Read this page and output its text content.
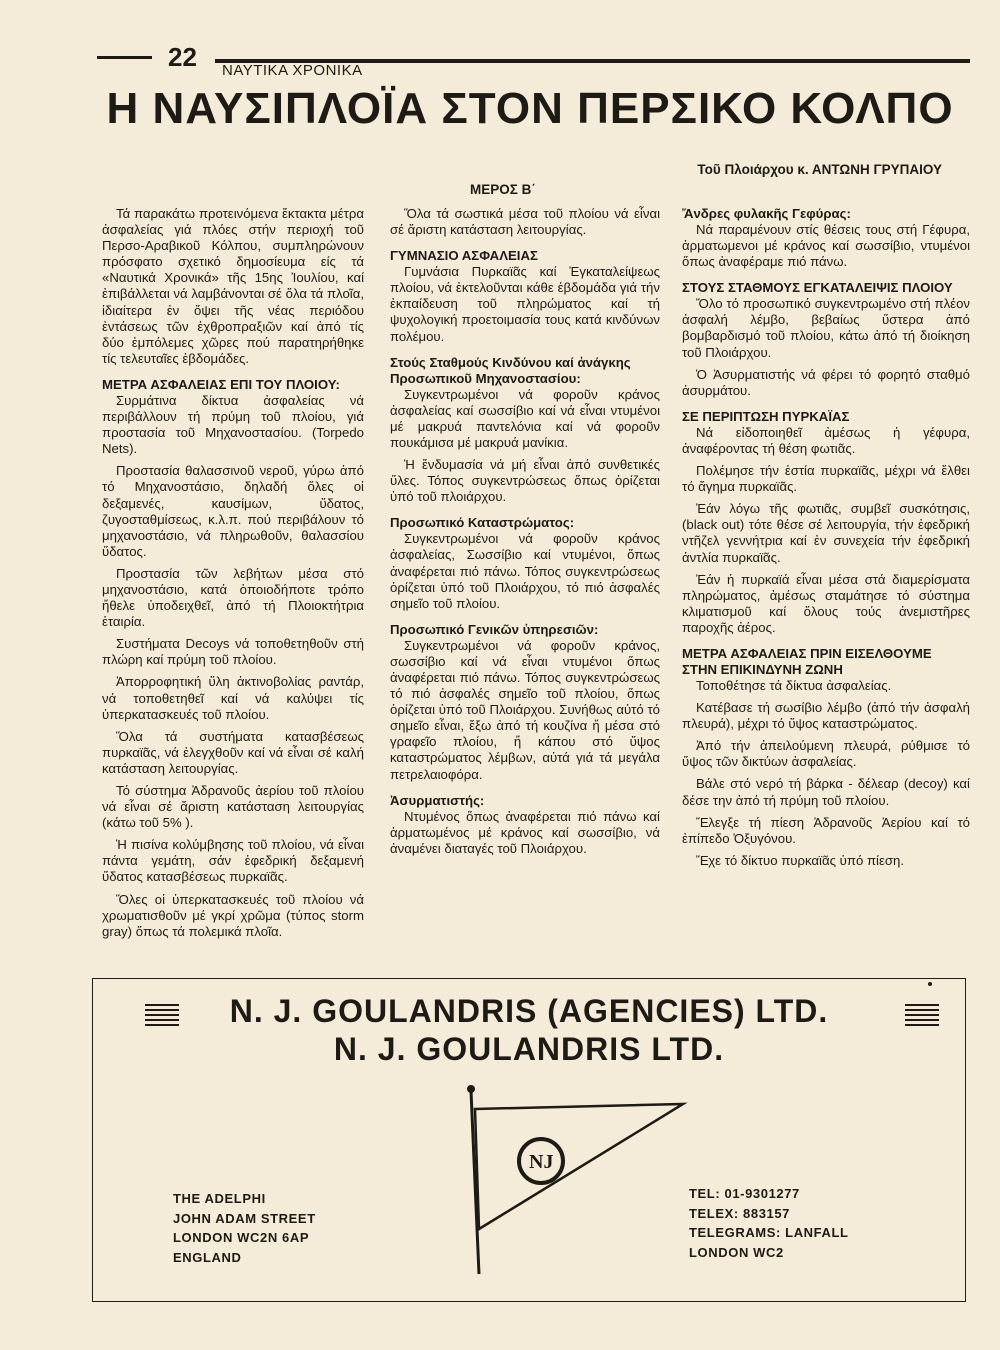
22 ΝΑΥΤΙΚΑ ΧΡΟΝΙΚΑ
Η ΝΑΥΣΙΠΛΟΪΑ ΣΤΟΝ ΠΕΡΣΙΚΟ ΚΟΛΠΟ
Τοῦ Πλοιάρχου κ. ΑΝΤΩΝΗ ΓΡΥΠΑΙΟΥ
ΜΕΡΟΣ Β΄

Τά παρακάτω προτεινόμενα ἔκτακτα μέτρα ἀσφαλείας γιά πλόες στήν περιοχή τοῦ Περσο-Αραβικοῦ Κόλπου, συμπληρώνουν πρόσφατο σχετικό δημοσίευμα είς τά «Ναυτικά Χρονικά» τῆς 15ης Ἰουλίου, καί ἐπιβάλλεται νά λαμβάνονται σέ ὅλα τά πλοῖα, ἰδιαίτερα ἐν ὄψει τῆς νέας περιόδου ἐντάσεως τῶν ἐχθροπραξιῶν καί ἀπό τίς δύο ἐμπόλεμες χῶρες πού παρατηρήθηκε τίς τελευταῖες ἑβδομάδες.

ΜΕΤΡΑ ΑΣΦΑΛΕΙΑΣ ΕΠΙ ΤΟΥ ΠΛΟΙΟΥ:

Συρμάτινα δίκτυα ἀσφαλείας νά περιβάλλουν τή πρύμη τοῦ πλοίου, γιά προστασία τοῦ Μηχανοστασίου. (Torpedo Nets).

Προστασία θαλασσινοῦ νεροῦ, γύρω ἀπό τό Μηχανοστάσιο, δηλαδή ὅλες οἱ δεξαμενές, καυσίμων, ὕδατος, ζυγοσταθμίσεως, κ.λ.π. πού περιβάλουν τό μηχανοστάσιο, νά πληρωθοῦν, θαλασσίου ὕδατος.

Προστασία τῶν λεβήτων μέσα στό μηχανοστάσιο, κατά ὁποιοδήποτε τρόπο ἤθελε ὑποδειχθεῖ, ἀπό τή Πλοιοκτήτρια ἑταιρία.

Συστήματα Decoys νά τοποθετηθοῦν στή πλώρη καί πρύμη τοῦ πλοίου.

Ἀπορροφητική ὕλη ἀκτινοβολίας ραντάρ, νά τοποθετηθεῖ καί νά καλύψει τίς ὑπερκατασκευές τοῦ πλοίου.

Ὅλα τά συστήματα κατασβέσεως πυρκαϊᾶς, νά ἐλεγχθοῦν καί νά εἶναι σέ καλή κατάσταση λειτουργίας.

Τό σύστημα Ἀδρανοῦς ἀερίου τοῦ πλοίου νά εἶναι σέ ἄριστη κατάσταση λειτουργίας (κάτω τοῦ 5% ).

Ἡ πισίνα κολύμβησης τοῦ πλοίου, νά εἶναι πάντα γεμάτη, σάν ἐφεδρική δεξαμενή ὕδατος κατασβέσεως πυρκαϊᾶς.

Ὅλες οἱ ὑπερκατασκευές τοῦ πλοίου νά χρωματισθοῦν μέ γκρί χρῶμα (τύπος storm gray) ὅπως τά πολεμικά πλοῖα.

Ὅλα τά σωστικά μέσα τοῦ πλοίου νά εἶναι σέ ἄριστη κατάσταση λειτουργίας.

ΓΥΜΝΑΣΙΟ ΑΣΦΑΛΕΙΑΣ

Γυμνάσια Πυρκαϊᾶς καί Ἐγκαταλείψεως πλοίου, νά ἐκτελοῦνται κάθε ἑβδομάδα γιά τήν ἐκπαίδευση τοῦ πληρώματος καί τή ψυχολογική προετοιμασία τους κατά κινδύνων πολέμου.

Στούς Σταθμούς Κινδύνου καί ἀνάγκης Προσωπικοῦ Μηχανοστασίου:

Συγκεντρωμένοι νά φοροῦν κράνος ἀσφαλείας καί σωσσίβιο καί νά εἶναι ντυμένοι μέ μακρυά παντελόνια καί νά φοροῦν πουκάμισα μέ μακρυά μανίκια.

Ἡ ἔνδυμασία νά μή εἶναι ἀπό συνθετικές ὕλες. Τόπος συγκεντρώσεως ὅπως ὁρίζεται ὑπό τοῦ πλοιάρχου.

Προσωπικό Καταστρώματος:

Συγκεντρωμένοι νά φοροῦν κράνος ἀσφαλείας, Σωσσίβιο καί ντυμένοι, ὅπως ἀναφέρεται πιό πάνω. Τόπος συγκεντρώσεως ὁρίζεται ὑπό τοῦ Πλοιάρχου, τό πιό ἀσφαλές σημεῖο τοῦ πλοίου.

Προσωπικό Γενικῶν ὑπηρεσιῶν:

Συγκεντρωμένοι νά φοροῦν κράνος, σωσσίβιο καί νά εἶναι ντυμένοι ὅπως ἀναφέρεται πιό πάνω. Τόπος συγκεντρώσεως τό πιό ἀσφαλές σημεῖο τοῦ πλοίου, ὅπως ὁρίζεται ὑπό τοῦ Πλοιάρχου. Συνήθως αὐτό τό σημεῖο εἶναι, ἔξω ἀπό τή κουζίνα ἤ μέσα στό γραφεῖο πλοίου, ἤ κάπου στό ὕψος καταστρώματος λέμβων, αὐτά γιά τά μεγάλα πετρελαιοφόρα.

Ἀσυρματιστής:

Ντυμένος ὅπως ἀναφέρεται πιό πάνω καί ἁρματωμένος μέ κράνος καί σωσσίβιο, νά ἀναμένει διαταγές τοῦ Πλοιάρχου.

Ἄνδρες φυλακῆς Γεφύρας:

Νά παραμένουν στίς θέσεις τους στή Γέφυρα, ἁρματωμενοι μέ κράνος καί σωσσίβιο, ντυμένοι ὅπως ἀναφέραμε πιό πάνω.

ΣΤΟΥΣ ΣΤΑΘΜΟΥΣ ΕΓΚΑΤΑΛΕΙΨΙΣ ΠΛΟΙΟΥ

Ὅλο τό προσωπικό συγκεντρωμένο στή πλέον ἀσφαλή λέμβο, βεβαίως ὕστερα ἀπό βομβαρδισμό τοῦ πλοίου, κάτω ἀπό τή διοίκηση τοῦ Πλοιάρχου.

Ὁ Ἀσυρματιστής νά φέρει τό φορητό σταθμό ἀσυρμάτου.

ΣΕ ΠΕΡΙΠΤΩΣΗ ΠΥΡΚΑΪΑΣ

Νά εἰδοποιηθεῖ ἀμέσως ἡ γέφυρα, ἀναφέροντας τή θέση φωτιᾶς.

Πολέμησε τήν ἑστία πυρκαϊᾶς, μέχρι νά ἔλθει τό ἄγημα πυρκαϊᾶς.

Ἐάν λόγω τῆς φωτιᾶς, συμβεῖ συσκότησις, (black out) τότε θέσε σέ λειτουργία, τήν ἐφεδρική ντῆζελ γεννήτρια καί ἐν συνεχεία τήν ἐφεδρική ἀντλία πυρκαϊᾶς.

Ἐάν ἡ πυρκαϊά εἶναι μέσα στά διαμερίσματα πληρώματος, ἀμέσως σταμάτησε τό σύστημα κλιματισμοῦ καί ὅλους τούς ἀνεμιστῆρες παροχῆς ἀέρος.

ΜΕΤΡΑ ΑΣΦΑΛΕΙΑΣ ΠΡΙΝ ΕΙΣΕΛΘΟΥΜΕ ΣΤΗΝ ΕΠΙΚΙΝΔΥΝΗ ΖΩΝΗ

Τοποθέτησε τά δίκτυα ἀσφαλείας.

Κατέβασε τή σωσίβιο λέμβο (ἀπό τήν ἀσφαλή πλευρά), μέχρι τό ὕψος καταστρώματος.

Ἀπό τήν ἀπειλούμενη πλευρά, ρύθμισε τό ὕψος τῶν δικτύων ἀσφαλείας.

Βάλε στό νερό τή βάρκα - δέλεαρ (decoy) καί δέσε την ἀπό τή πρύμη τοῦ πλοίου.

Ἔλεγξε τή πίεση Ἀδρανοῦς Ἀερίου καί τό ἐπίπεδο Ὀξυγόνου.

Ἔχε τό δίκτυο πυρκαϊᾶς ὑπό πίεση.

N. J. GOULANDRIS (AGENCIES) LTD.
N. J. GOULANDRIS LTD.
NJ
THE ADELPHI
JOHN ADAM STREET
LONDON WC2N 6AP
ENGLAND
TEL: 01-9301277
TELEX: 883157
TELEGRAMS: LANFALL
LONDON WC2
